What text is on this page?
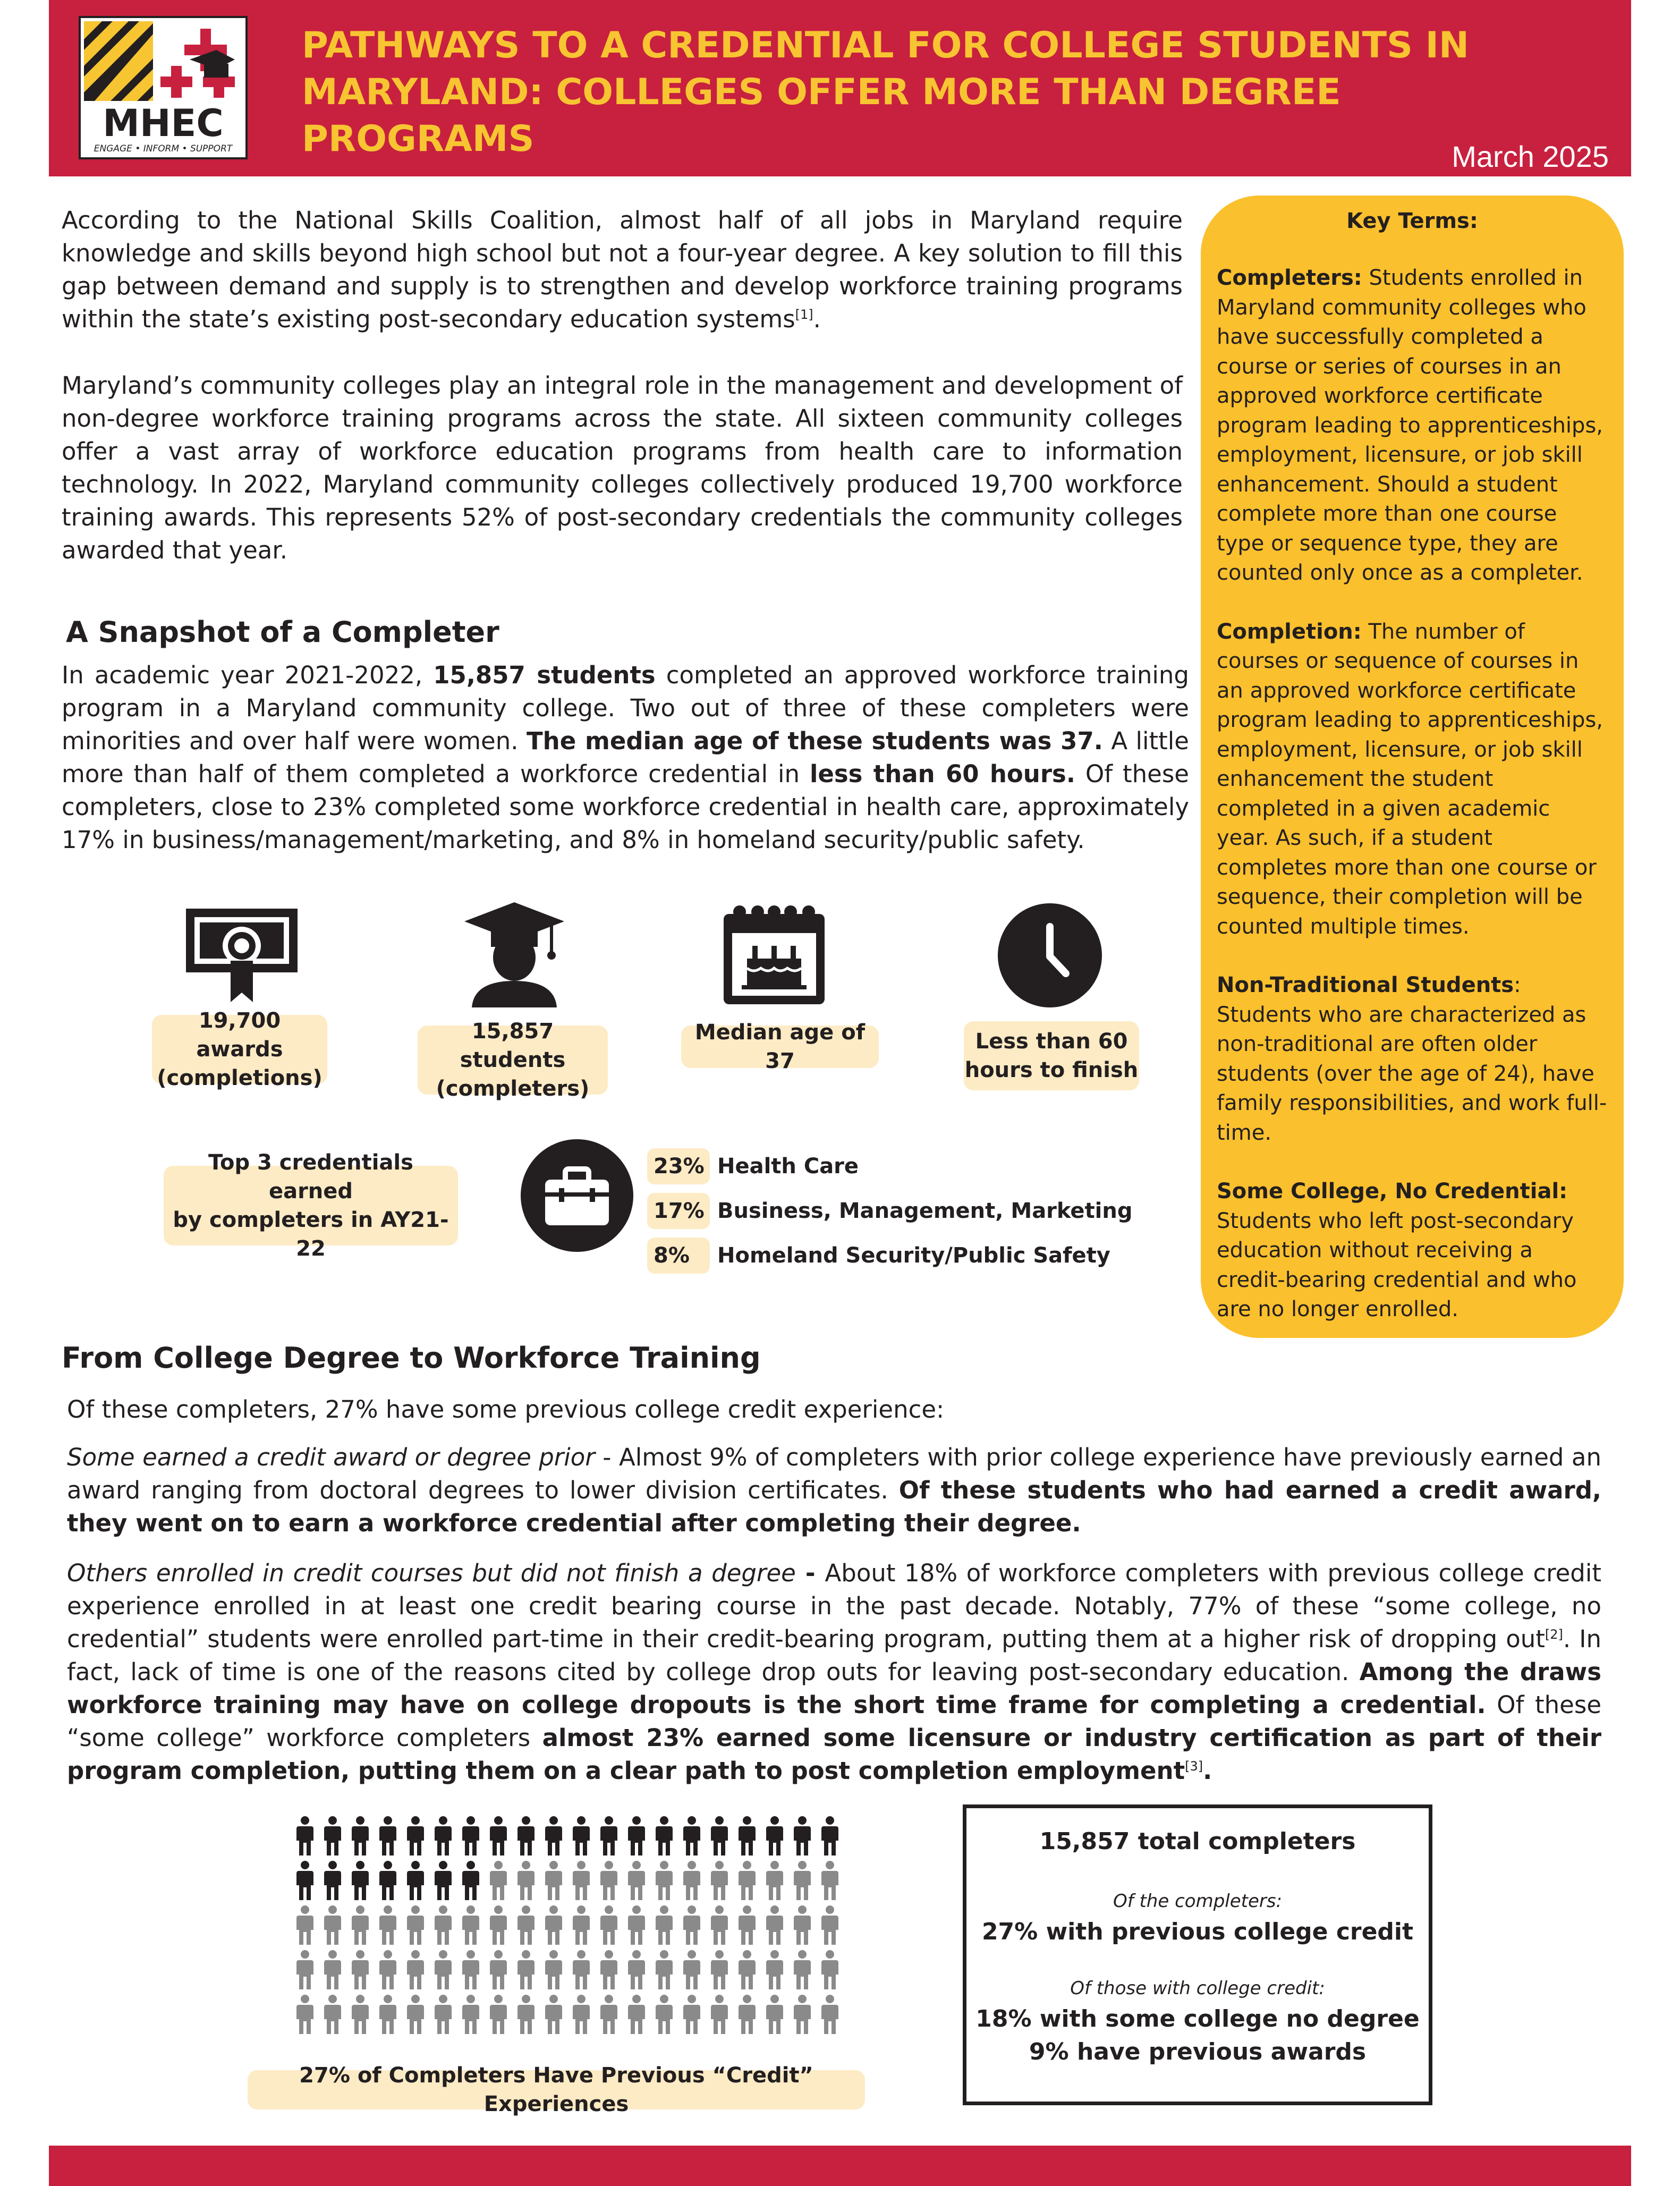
MHEC
ENGAGE • INFORM • SUPPORT
PATHWAYS TO A CREDENTIAL FOR COLLEGE STUDENTS IN
MARYLAND: COLLEGES OFFER MORE THAN DEGREE PROGRAMS	March 2025
According to the National Skills Coalition, almost half of all jobs in Maryland require knowledge and skills beyond high school but not a four-year degree. A key solution to fill this gap between demand and supply is to strengthen and develop workforce training programs within the state’s existing post-secondary education systems[1].
Maryland’s community colleges play an integral role in the management and development of non-degree workforce training programs across the state. All sixteen community colleges offer a vast array of workforce education programs from health care to information technology. In 2022, Maryland community colleges collectively produced 19,700 workforce training awards. This represents 52% of post-secondary credentials the community colleges awarded that year.
A Snapshot of a Completer
In academic year 2021-2022, 15,857 students completed an approved workforce training program in a Maryland community college. Two out of three of these completers were minorities and over half were women. The median age of these students was 37. A little more than half of them completed a workforce credential in less than 60 hours. Of these completers, close to 23% completed some workforce credential in health care, approximately 17% in business/management/marketing, and 8% in homeland security/public safety.
19,700 awards
(completions)
15,857 students
(completers)
Median age of 37
Less than 60
hours to finish
Top 3 credentials earned
by completers in AY21-22
23% Health Care
17% Business, Management, Marketing
8%	Homeland Security/Public Safety
Key Terms:
Completers: Students enrolled in Maryland community colleges who have successfully completed a course or series of courses in an approved workforce certificate program leading to apprenticeships, employment, licensure, or job skill enhancement. Should a student complete more than one course type or sequence type, they are counted only once as a completer.
Completion: The number of courses or sequence of courses in an approved workforce certificate program leading to apprenticeships, employment, licensure, or job skill enhancement the student completed in a given academic year. As such, if a student completes more than one course or sequence, their completion will be counted multiple times.
Non-Traditional Students: Students who are characterized as non-traditional are often older students (over the age of 24), have family responsibilities, and work full-time.
Some College, No Credential: Students who left post-secondary education without receiving a credit-bearing credential and who are no longer enrolled.
From College Degree to Workforce Training
Of these completers, 27% have some previous college credit experience:
Some earned a credit award or degree prior - Almost 9% of completers with prior college experience have previously earned an award ranging from doctoral degrees to lower division certificates. Of these students who had earned a credit award, they went on to earn a workforce credential after completing their degree.
Others enrolled in credit courses but did not finish a degree - About 18% of workforce completers with previous college credit experience enrolled in at least one credit bearing course in the past decade. Notably, 77% of these “some college, no credential” students were enrolled part-time in their credit-bearing program, putting them at a higher risk of dropping out[2]. In fact, lack of time is one of the reasons cited by college drop outs for leaving post-secondary education. Among the draws workforce training may have on college dropouts is the short time frame for completing a credential. Of these “some college” workforce completers almost 23% earned some licensure or industry certification as part of their program completion, putting them on a clear path to post completion employment[3].
27% of Completers Have Previous “Credit” Experiences
15,857 total completers
Of the completers:
27% with previous college credit
Of those with college credit:
18% with some college no degree
9% have previous awards
